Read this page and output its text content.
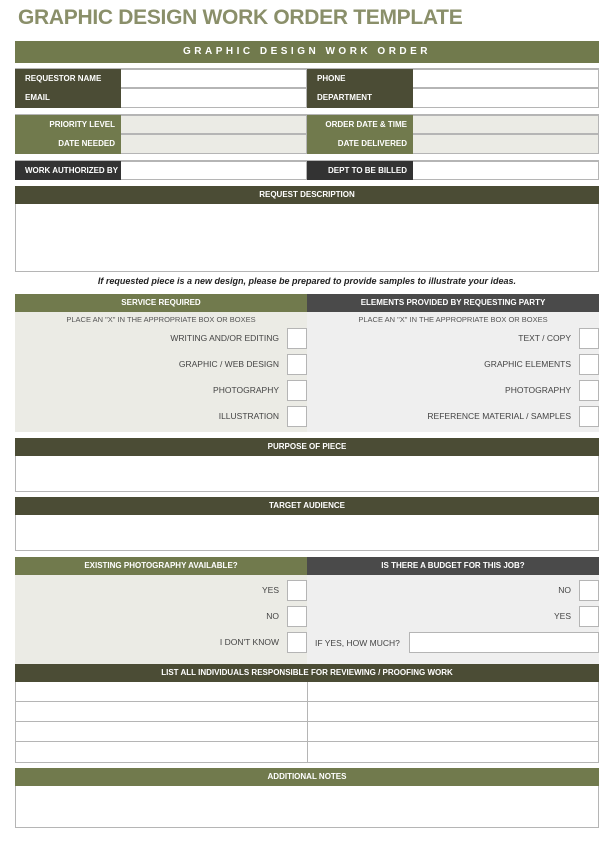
GRAPHIC DESIGN WORK ORDER TEMPLATE
GRAPHIC DESIGN WORK ORDER
REQUESTOR NAME	PHONE
EMAIL	DEPARTMENT
PRIORITY LEVEL	ORDER DATE & TIME
DATE NEEDED	DATE DELIVERED
WORK AUTHORIZED BY	DEPT TO BE BILLED
REQUEST DESCRIPTION
If requested piece is a new design, please be prepared to provide samples to illustrate your ideas.
SERVICE REQUIRED
PLACE AN "X" IN THE APPROPRIATE BOX OR BOXES
WRITING AND/OR EDITING
GRAPHIC / WEB DESIGN
PHOTOGRAPHY
ILLUSTRATION
ELEMENTS PROVIDED BY REQUESTING PARTY
PLACE AN "X" IN THE APPROPRIATE BOX OR BOXES
TEXT / COPY
GRAPHIC ELEMENTS
PHOTOGRAPHY
REFERENCE MATERIAL / SAMPLES
PURPOSE OF PIECE
TARGET AUDIENCE
EXISTING PHOTOGRAPHY AVAILABLE?
YES
NO
I DON'T KNOW
IS THERE A BUDGET FOR THIS JOB?
NO
YES
IF YES, HOW MUCH?
LIST ALL INDIVIDUALS RESPONSIBLE FOR REVIEWING / PROOFING WORK
ADDITIONAL NOTES
